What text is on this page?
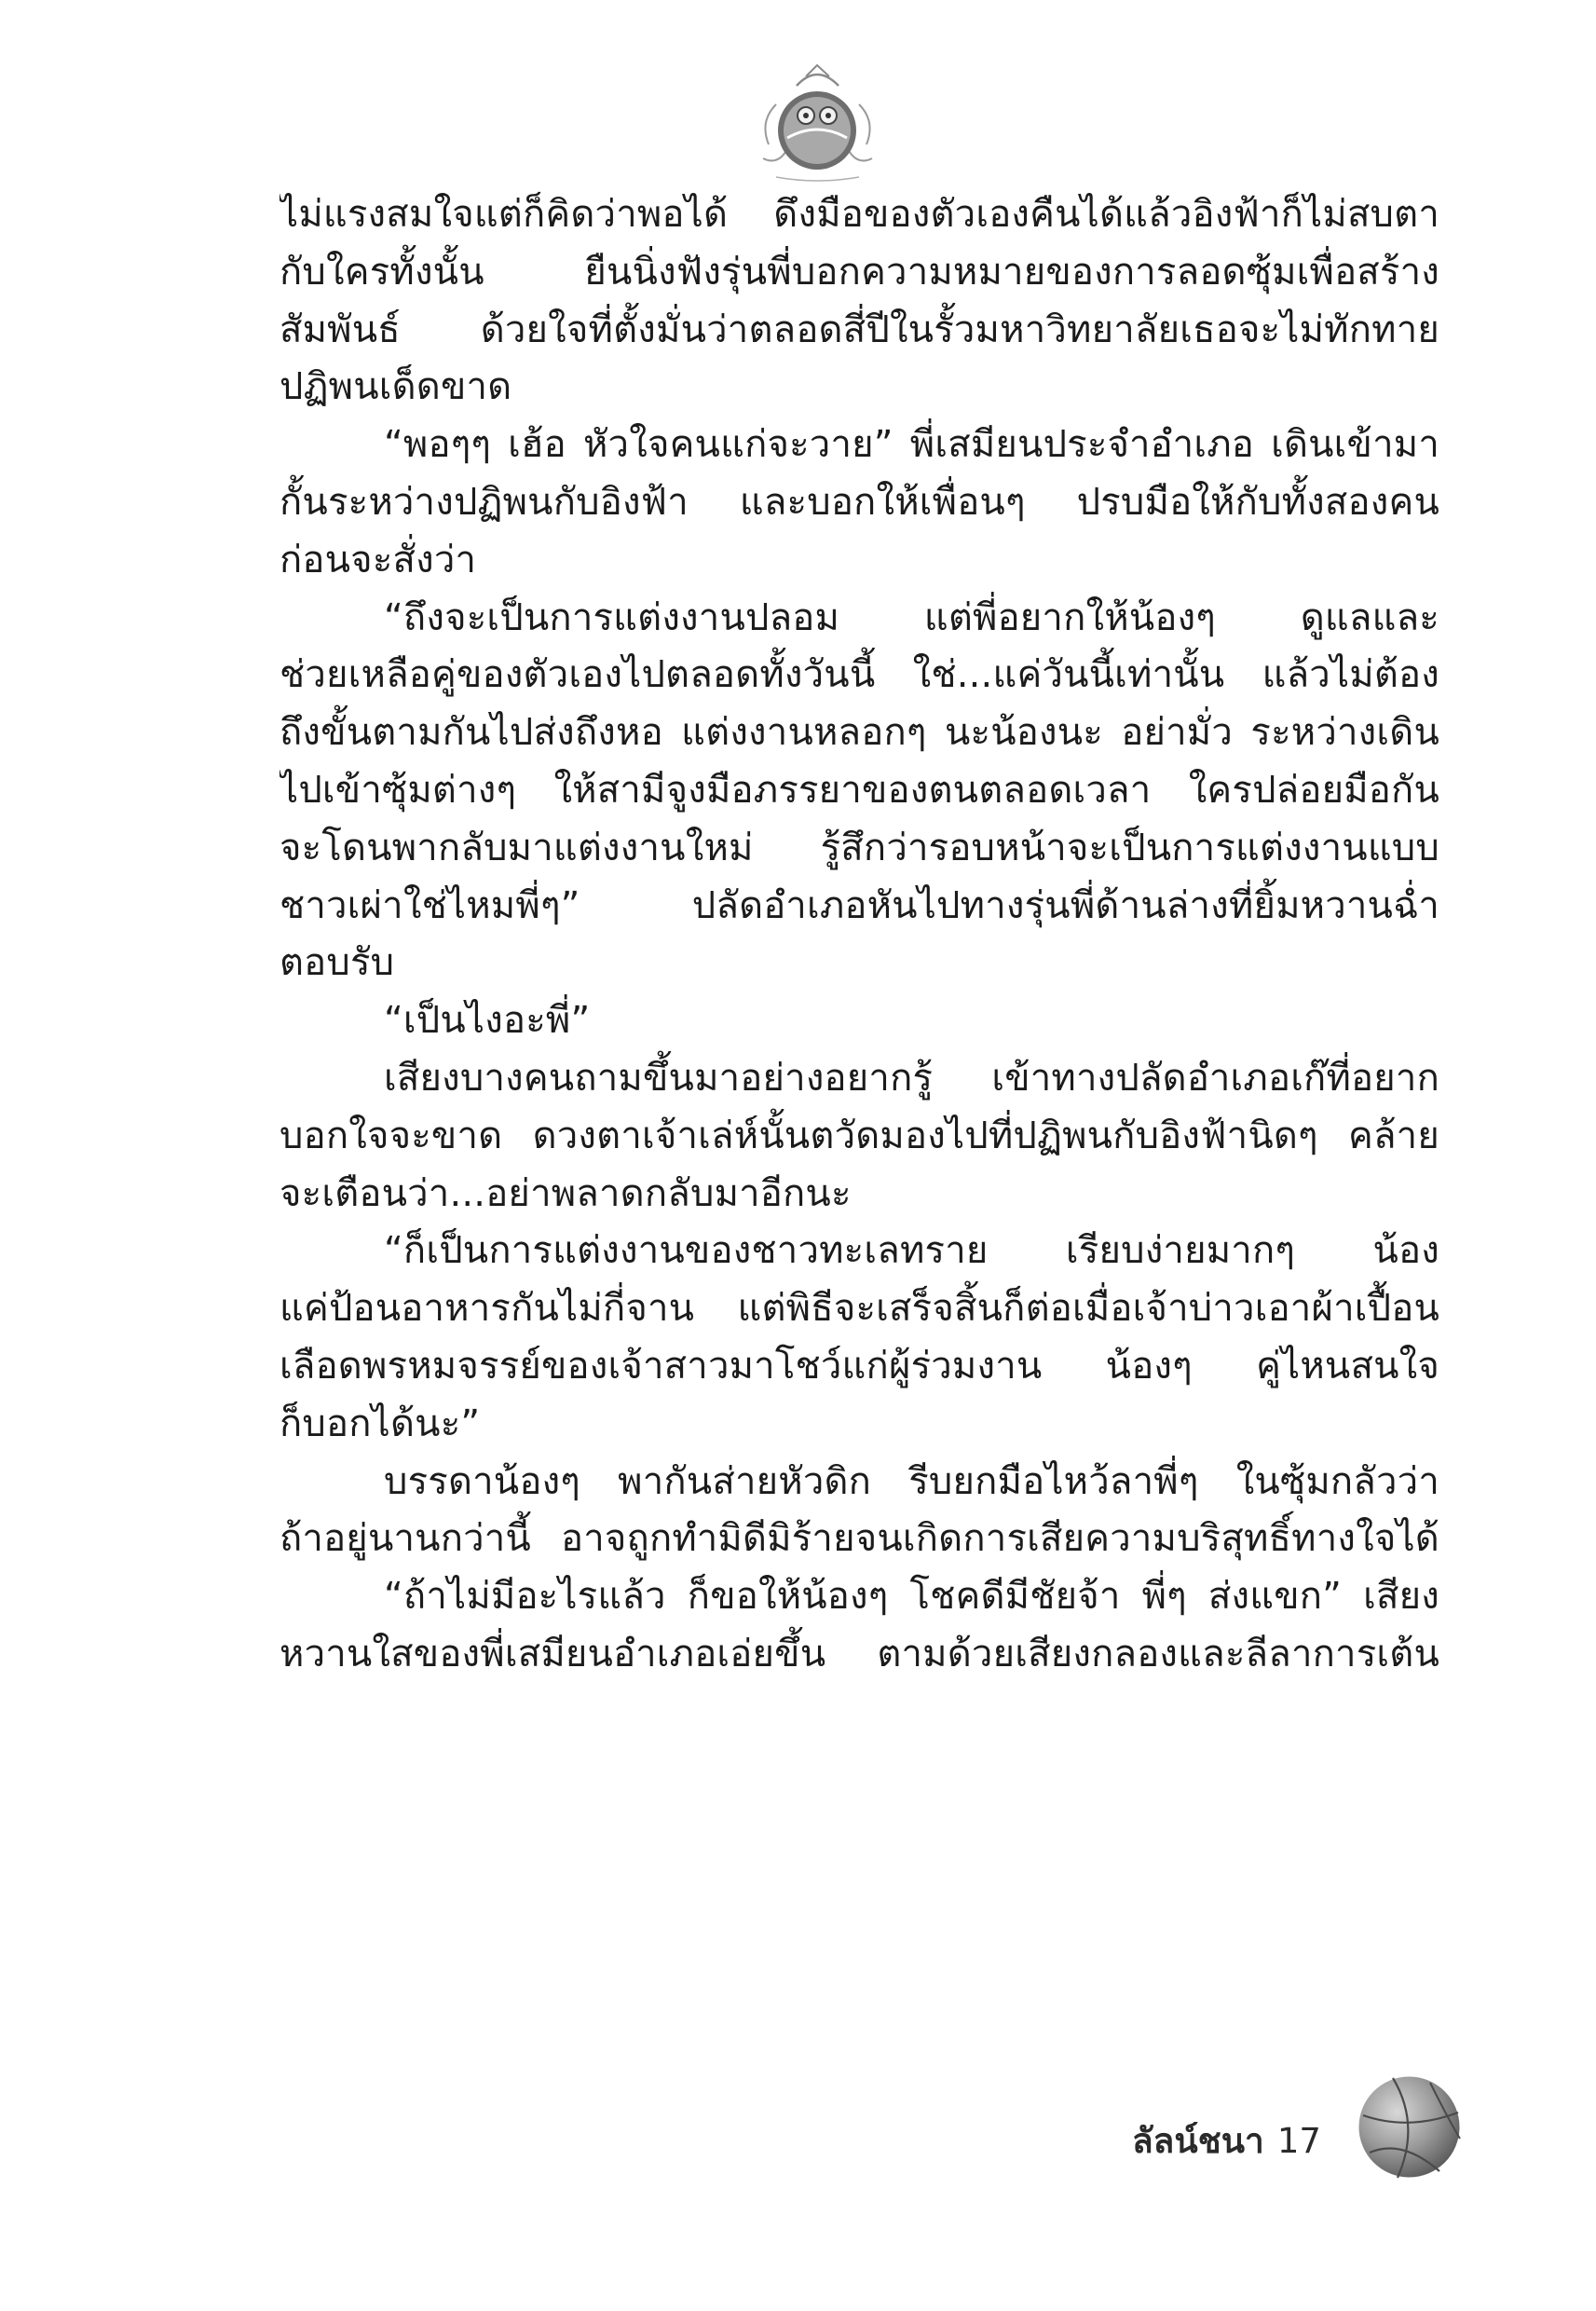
ไม่แรงสมใจแต่ก็คิดว่าพอได้ ดึงมือของตัวเองคืนได้แล้วอิงฟ้าก็ไม่สบตา
กับใครทั้งนั้น ยืนนิ่งฟังรุ่นพี่บอกความหมายของการลอดซุ้มเพื่อสร้าง
สัมพันธ์ ด้วยใจที่ตั้งมั่นว่าตลอดสี่ปีในรั้วมหาวิทยาลัยเธอจะไม่ทักทาย
ปฏิพนเด็ดขาด
“พอๆๆ เฮ้อ หัวใจคนแก่จะวาย” พี่เสมียนประจำอำเภอ เดินเข้ามา
กั้นระหว่างปฏิพนกับอิงฟ้า และบอกให้เพื่อนๆ ปรบมือให้กับทั้งสองคน
ก่อนจะสั่งว่า
“ถึงจะเป็นการแต่งงานปลอม แต่พี่อยากให้น้องๆ ดูแลและ
ช่วยเหลือคู่ของตัวเองไปตลอดทั้งวันนี้ ใช่...แค่วันนี้เท่านั้น แล้วไม่ต้อง
ถึงขั้นตามกันไปส่งถึงหอ แต่งงานหลอกๆ นะน้องนะ อย่ามั่ว ระหว่างเดิน
ไปเข้าซุ้มต่างๆ ให้สามีจูงมือภรรยาของตนตลอดเวลา ใครปล่อยมือกัน
จะโดนพากลับมาแต่งงานใหม่ รู้สึกว่ารอบหน้าจะเป็นการแต่งงานแบบ
ชาวเผ่าใช่ไหมพี่ๆ” ปลัดอำเภอหันไปทางรุ่นพี่ด้านล่างที่ยิ้มหวานฉ่ำ
ตอบรับ
“เป็นไงอะพี่”
เสียงบางคนถามขึ้นมาอย่างอยากรู้ เข้าทางปลัดอำเภอเก๊ที่อยาก
บอกใจจะขาด ดวงตาเจ้าเล่ห์นั้นตวัดมองไปที่ปฏิพนกับอิงฟ้านิดๆ คล้าย
จะเตือนว่า...อย่าพลาดกลับมาอีกนะ
“ก็เป็นการแต่งงานของชาวทะเลทราย เรียบง่ายมากๆ น้อง
แค่ป้อนอาหารกันไม่กี่จาน แต่พิธีจะเสร็จสิ้นก็ต่อเมื่อเจ้าบ่าวเอาผ้าเปื้อน
เลือดพรหมจรรย์ของเจ้าสาวมาโชว์แก่ผู้ร่วมงาน น้องๆ คู่ไหนสนใจ
ก็บอกได้นะ”
บรรดาน้องๆ พากันส่ายหัวดิก รีบยกมือไหว้ลาพี่ๆ ในซุ้มกลัวว่า
ถ้าอยู่นานกว่านี้ อาจถูกทำมิดีมิร้ายจนเกิดการเสียความบริสุทธิ์ทางใจได้
“ถ้าไม่มีอะไรแล้ว ก็ขอให้น้องๆ โชคดีมีชัยจ้า พี่ๆ ส่งแขก” เสียง
หวานใสของพี่เสมียนอำเภอเอ่ยขึ้น ตามด้วยเสียงกลองและลีลาการเต้น
ลัลน์ชนา 17
